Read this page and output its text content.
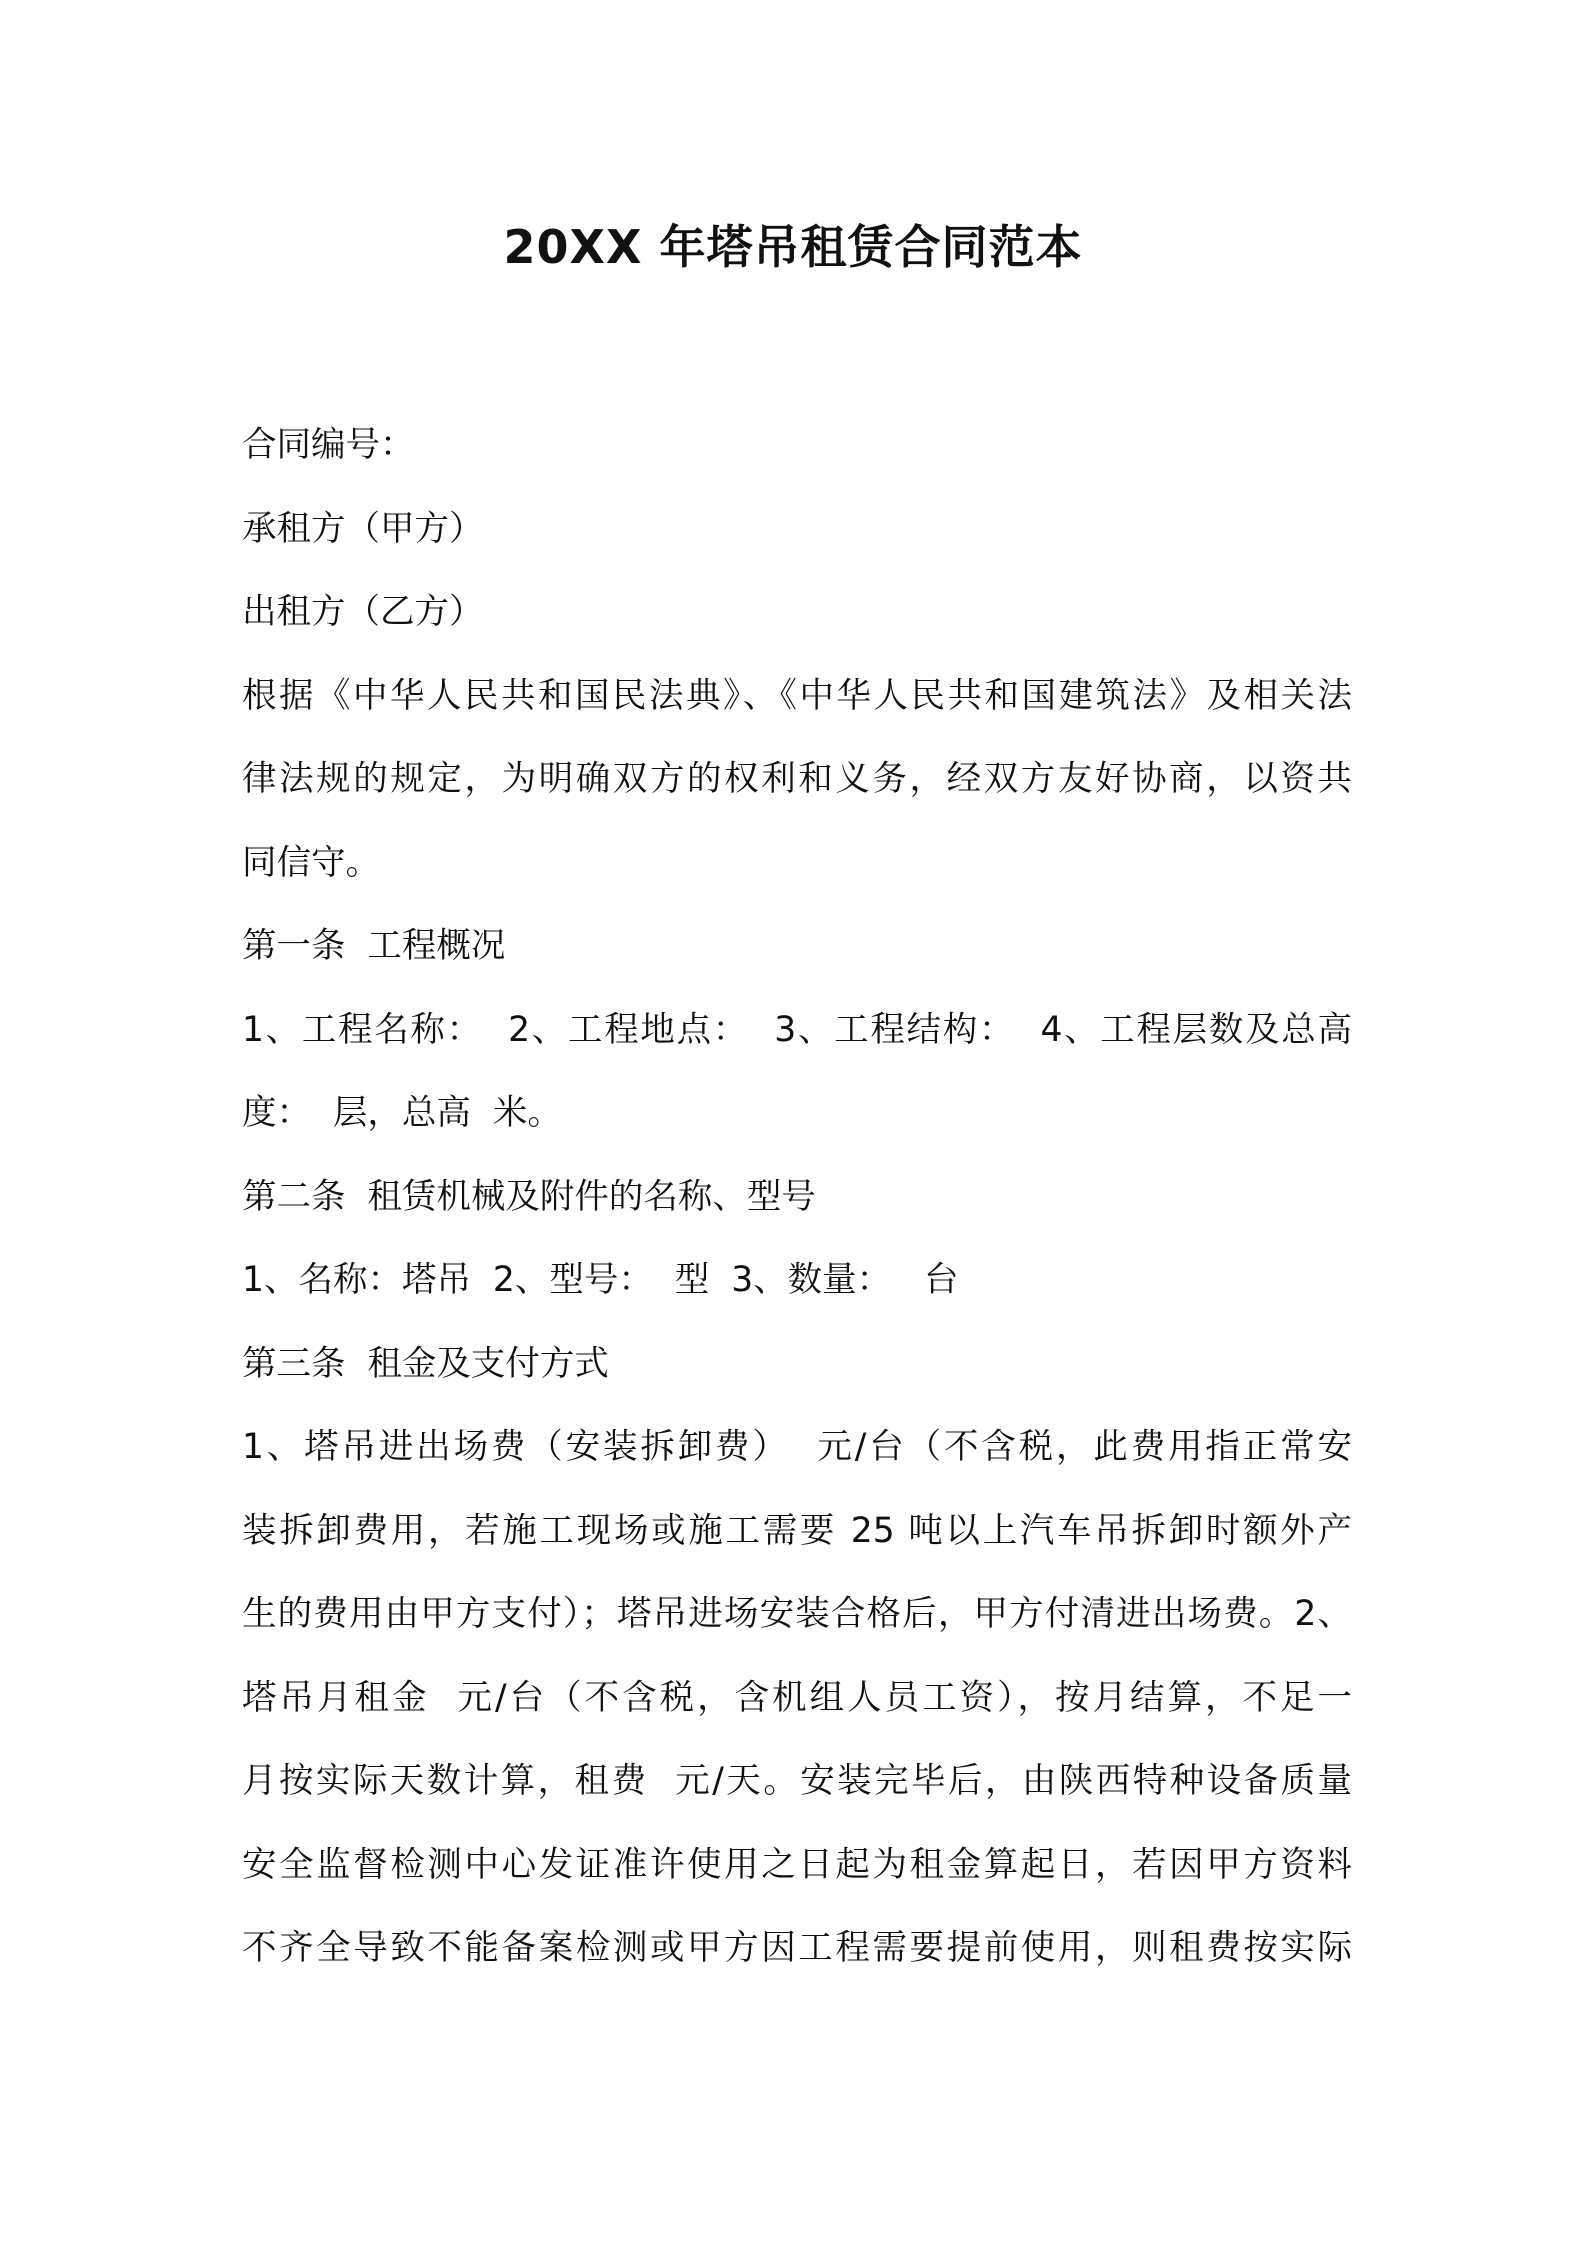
20XX 年塔吊租赁合同范本
合同编号：
承租方（甲方）
出租方（乙方）
根据《中华人民共和国民法典》、《中华人民共和国建筑法》及相关法
律法规的规定，为明确双方的权利和义务，经双方友好协商，以资共
同信守。
第一条  工程概况
1、工程名称：  2、工程地点：  3、工程结构：  4、工程层数及总高
度：  层，总高  米。
第二条  租赁机械及附件的名称、型号
1、名称：塔吊  2、型号：  型  3、数量：   台
第三条  租金及支付方式
1、塔吊进出场费（安装拆卸费）  元/台（不含税，此费用指正常安
装拆卸费用，若施工现场或施工需要 25 吨以上汽车吊拆卸时额外产
生的费用由甲方支付）；塔吊进场安装合格后，甲方付清进出场费。2、
塔吊月租金  元/台（不含税，含机组人员工资），按月结算，不足一
月按实际天数计算，租费  元/天。安装完毕后，由陕西特种设备质量
安全监督检测中心发证准许使用之日起为租金算起日，若因甲方资料
不齐全导致不能备案检测或甲方因工程需要提前使用，则租费按实际
